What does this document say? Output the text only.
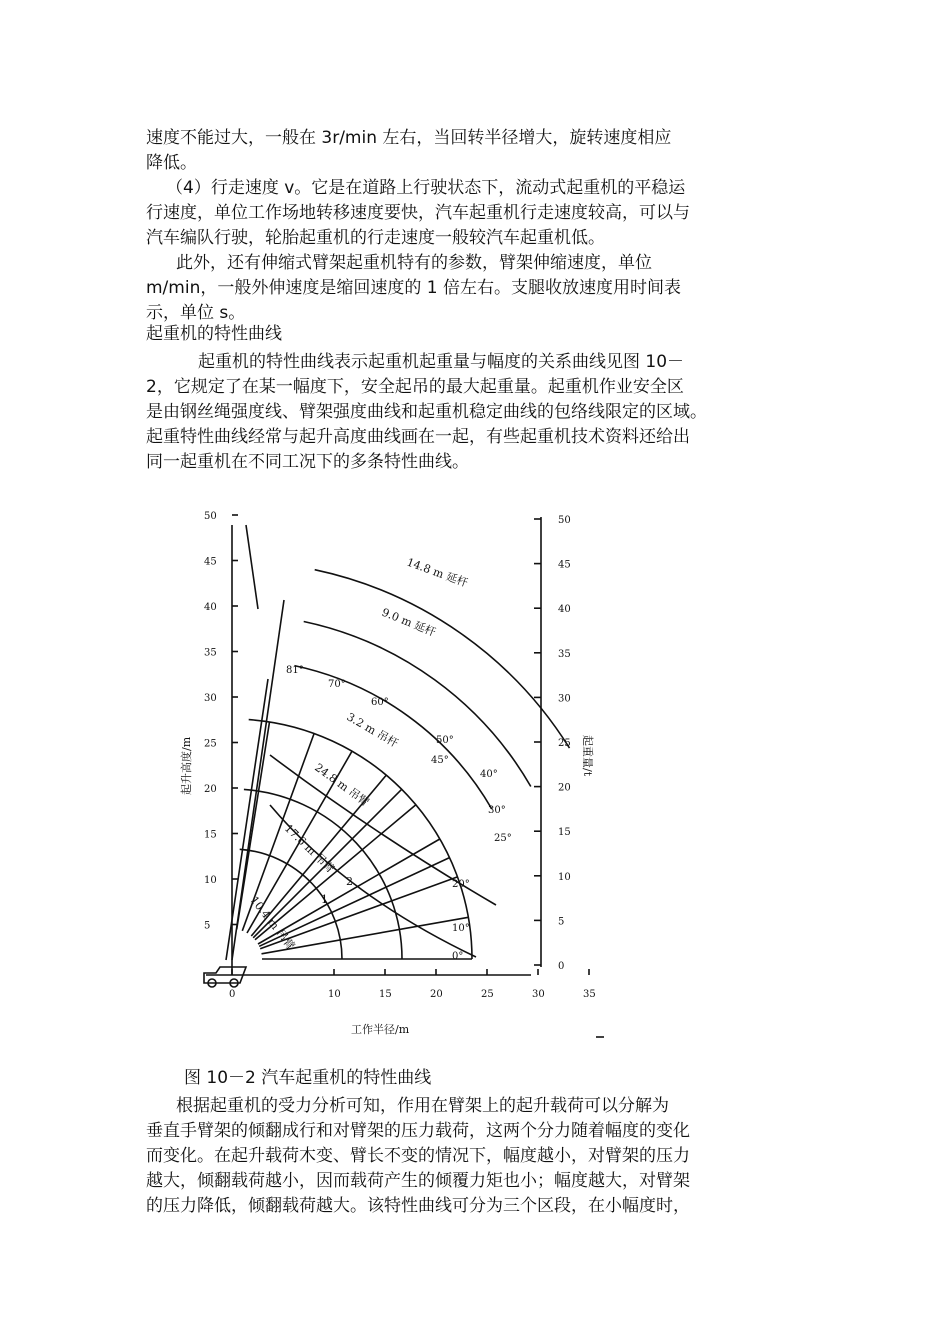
速度不能过大，一般在 3r/min 左右，当回转半径增大，旋转速度相应
降低。
（4）行走速度 v。它是在道路上行驶状态下，流动式起重机的平稳运
行速度，单位工作场地转移速度要快，汽车起重机行走速度较高，可以与
汽车编队行驶，轮胎起重机的行走速度一般较汽车起重机低。
此外，还有伸缩式臂架起重机特有的参数，臂架伸缩速度，单位
m/min，一般外伸速度是缩回速度的 1 倍左右。支腿收放速度用时间表
示，单位 s。
起重机的特性曲线
起重机的特性曲线表示起重机起重量与幅度的关系曲线见图 10－
2，它规定了在某一幅度下，安全起吊的最大起重量。起重机作业安全区
是由钢丝绳强度线、臂架强度曲线和起重机稳定曲线的包络线限定的区域。
起重特性曲线经常与起升高度曲线画在一起，有些起重机技术资料还给出
同一起重机在不同工况下的多条特性曲线。
50
45
40
35
30
25
20
15
10
5
50
45
40
35
30
25
20
15
10
5
0
0	10	15	20	25	30	35
起升高度/m	起重量/t
工作半径/m
14.8 m 延杆
9.0 m 延杆
3.2 m 吊杆
24.8 m 吊臂
17.6 m 吊臂
10.4 m 吊臂
81°
70°
60°
50°
45°
40°
30°
25°
20°
10°
0°
1
2
图 10－2 汽车起重机的特性曲线
根据起重机的受力分析可知，作用在臂架上的起升载荷可以分解为
垂直手臂架的倾翻成行和对臂架的压力载荷，这两个分力随着幅度的变化
而变化。在起升载荷木变、臂长不变的情况下，幅度越小，对臂架的压力
越大，倾翻载荷越小，因而载荷产生的倾覆力矩也小；幅度越大，对臂架
的压力降低，倾翻载荷越大。该特性曲线可分为三个区段，在小幅度时，
